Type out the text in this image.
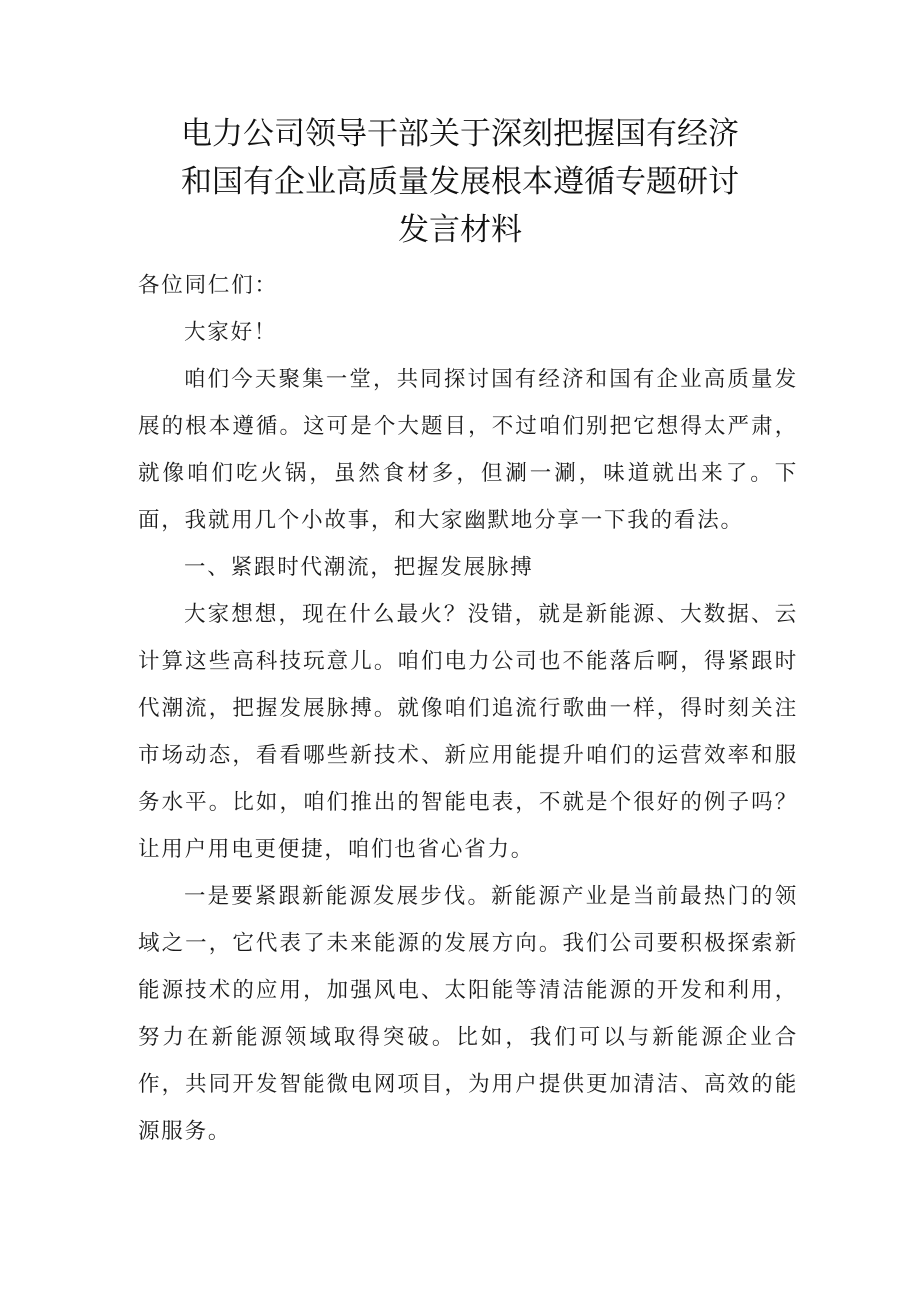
电力公司领导干部关于深刻把握国有经济
和国有企业高质量发展根本遵循专题研讨
发言材料

各位同仁们：

大家好！

咱们今天聚集一堂，共同探讨国有经济和国有企业高质量发展的根本遵循。这可是个大题目，不过咱们别把它想得太严肃，就像咱们吃火锅，虽然食材多，但涮一涮，味道就出来了。下面，我就用几个小故事，和大家幽默地分享一下我的看法。

一、紧跟时代潮流，把握发展脉搏

大家想想，现在什么最火？没错，就是新能源、大数据、云计算这些高科技玩意儿。咱们电力公司也不能落后啊，得紧跟时代潮流，把握发展脉搏。就像咱们追流行歌曲一样，得时刻关注市场动态，看看哪些新技术、新应用能提升咱们的运营效率和服务水平。比如，咱们推出的智能电表，不就是个很好的例子吗？让用户用电更便捷，咱们也省心省力。

一是要紧跟新能源发展步伐。新能源产业是当前最热门的领域之一，它代表了未来能源的发展方向。我们公司要积极探索新能源技术的应用，加强风电、太阳能等清洁能源的开发和利用，努力在新能源领域取得突破。比如，我们可以与新能源企业合作，共同开发智能微电网项目，为用户提供更加清洁、高效的能源服务。
